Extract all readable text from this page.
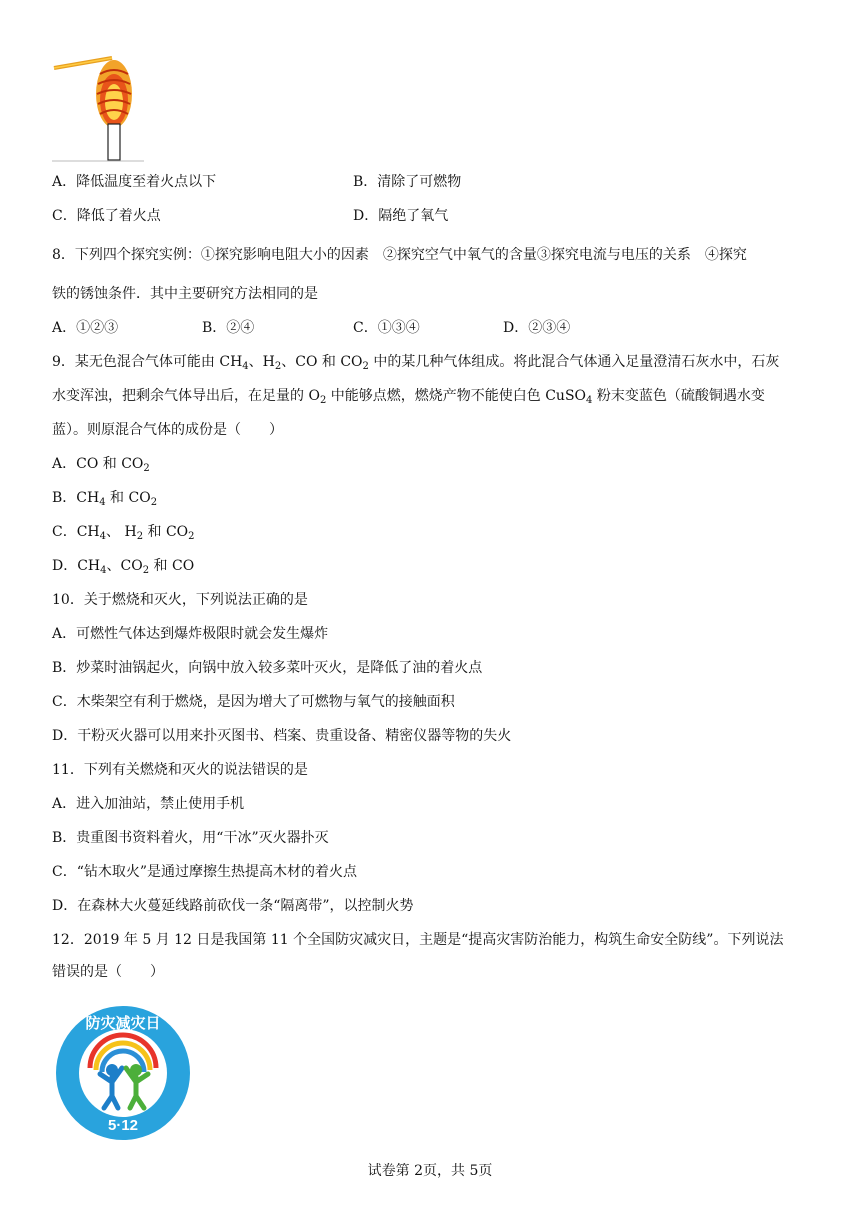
A．降低温度至着火点以下	B．清除了可燃物
C．降低了着火点	D．隔绝了氧气
8．下列四个探究实例：①探究影响电阻大小的因素　②探究空气中氧气的含量③探究电流与电压的关系　④探究
铁的锈蚀条件．其中主要研究方法相同的是
A．①②③	B．②④	C．①③④	D．②③④
9．某无色混合气体可能由 $CH_4$、$H_2$、CO 和 $CO_2$ 中的某几种气体组成。将此混合气体通入足量澄清石灰水中，石灰
水变浑浊，把剩余气体导出后，在足量的 $O_2$ 中能够点燃，燃烧产物不能使白色 CuSO$_4$ 粉末变蓝色（硫酸铜遇水变
蓝）。则原混合气体的成份是（　　）
A．CO 和 $CO_2$
B．$CH_4$ 和 $CO_2$
C．$CH_4$、 $H_2$ 和 $CO_2$
D．$CH_4$、$CO_2$ 和 CO
10．关于燃烧和灭火，下列说法正确的是
A．可燃性气体达到爆炸极限时就会发生爆炸
B．炒菜时油锅起火，向锅中放入较多菜叶灭火，是降低了油的着火点
C．木柴架空有利于燃烧，是因为增大了可燃物与氧气的接触面积
D．干粉灭火器可以用来扑灭图书、档案、贵重设备、精密仪器等物的失火
11．下列有关燃烧和灭火的说法错误的是
A．进入加油站，禁止使用手机
B．贵重图书资料着火，用“干冰”灭火器扑灭
C．“钻木取火”是通过摩擦生热提高木材的着火点
D．在森林大火蔓延线路前砍伐一条“隔离带”，以控制火势
12．2019 年 5 月 12 日是我国第 11 个全国防灾减灾日，主题是“提高灾害防治能力，构筑生命安全防线”。下列说法
错误的是（　　）
防灾减灾日
5·12
试卷第 2页，共 5页
